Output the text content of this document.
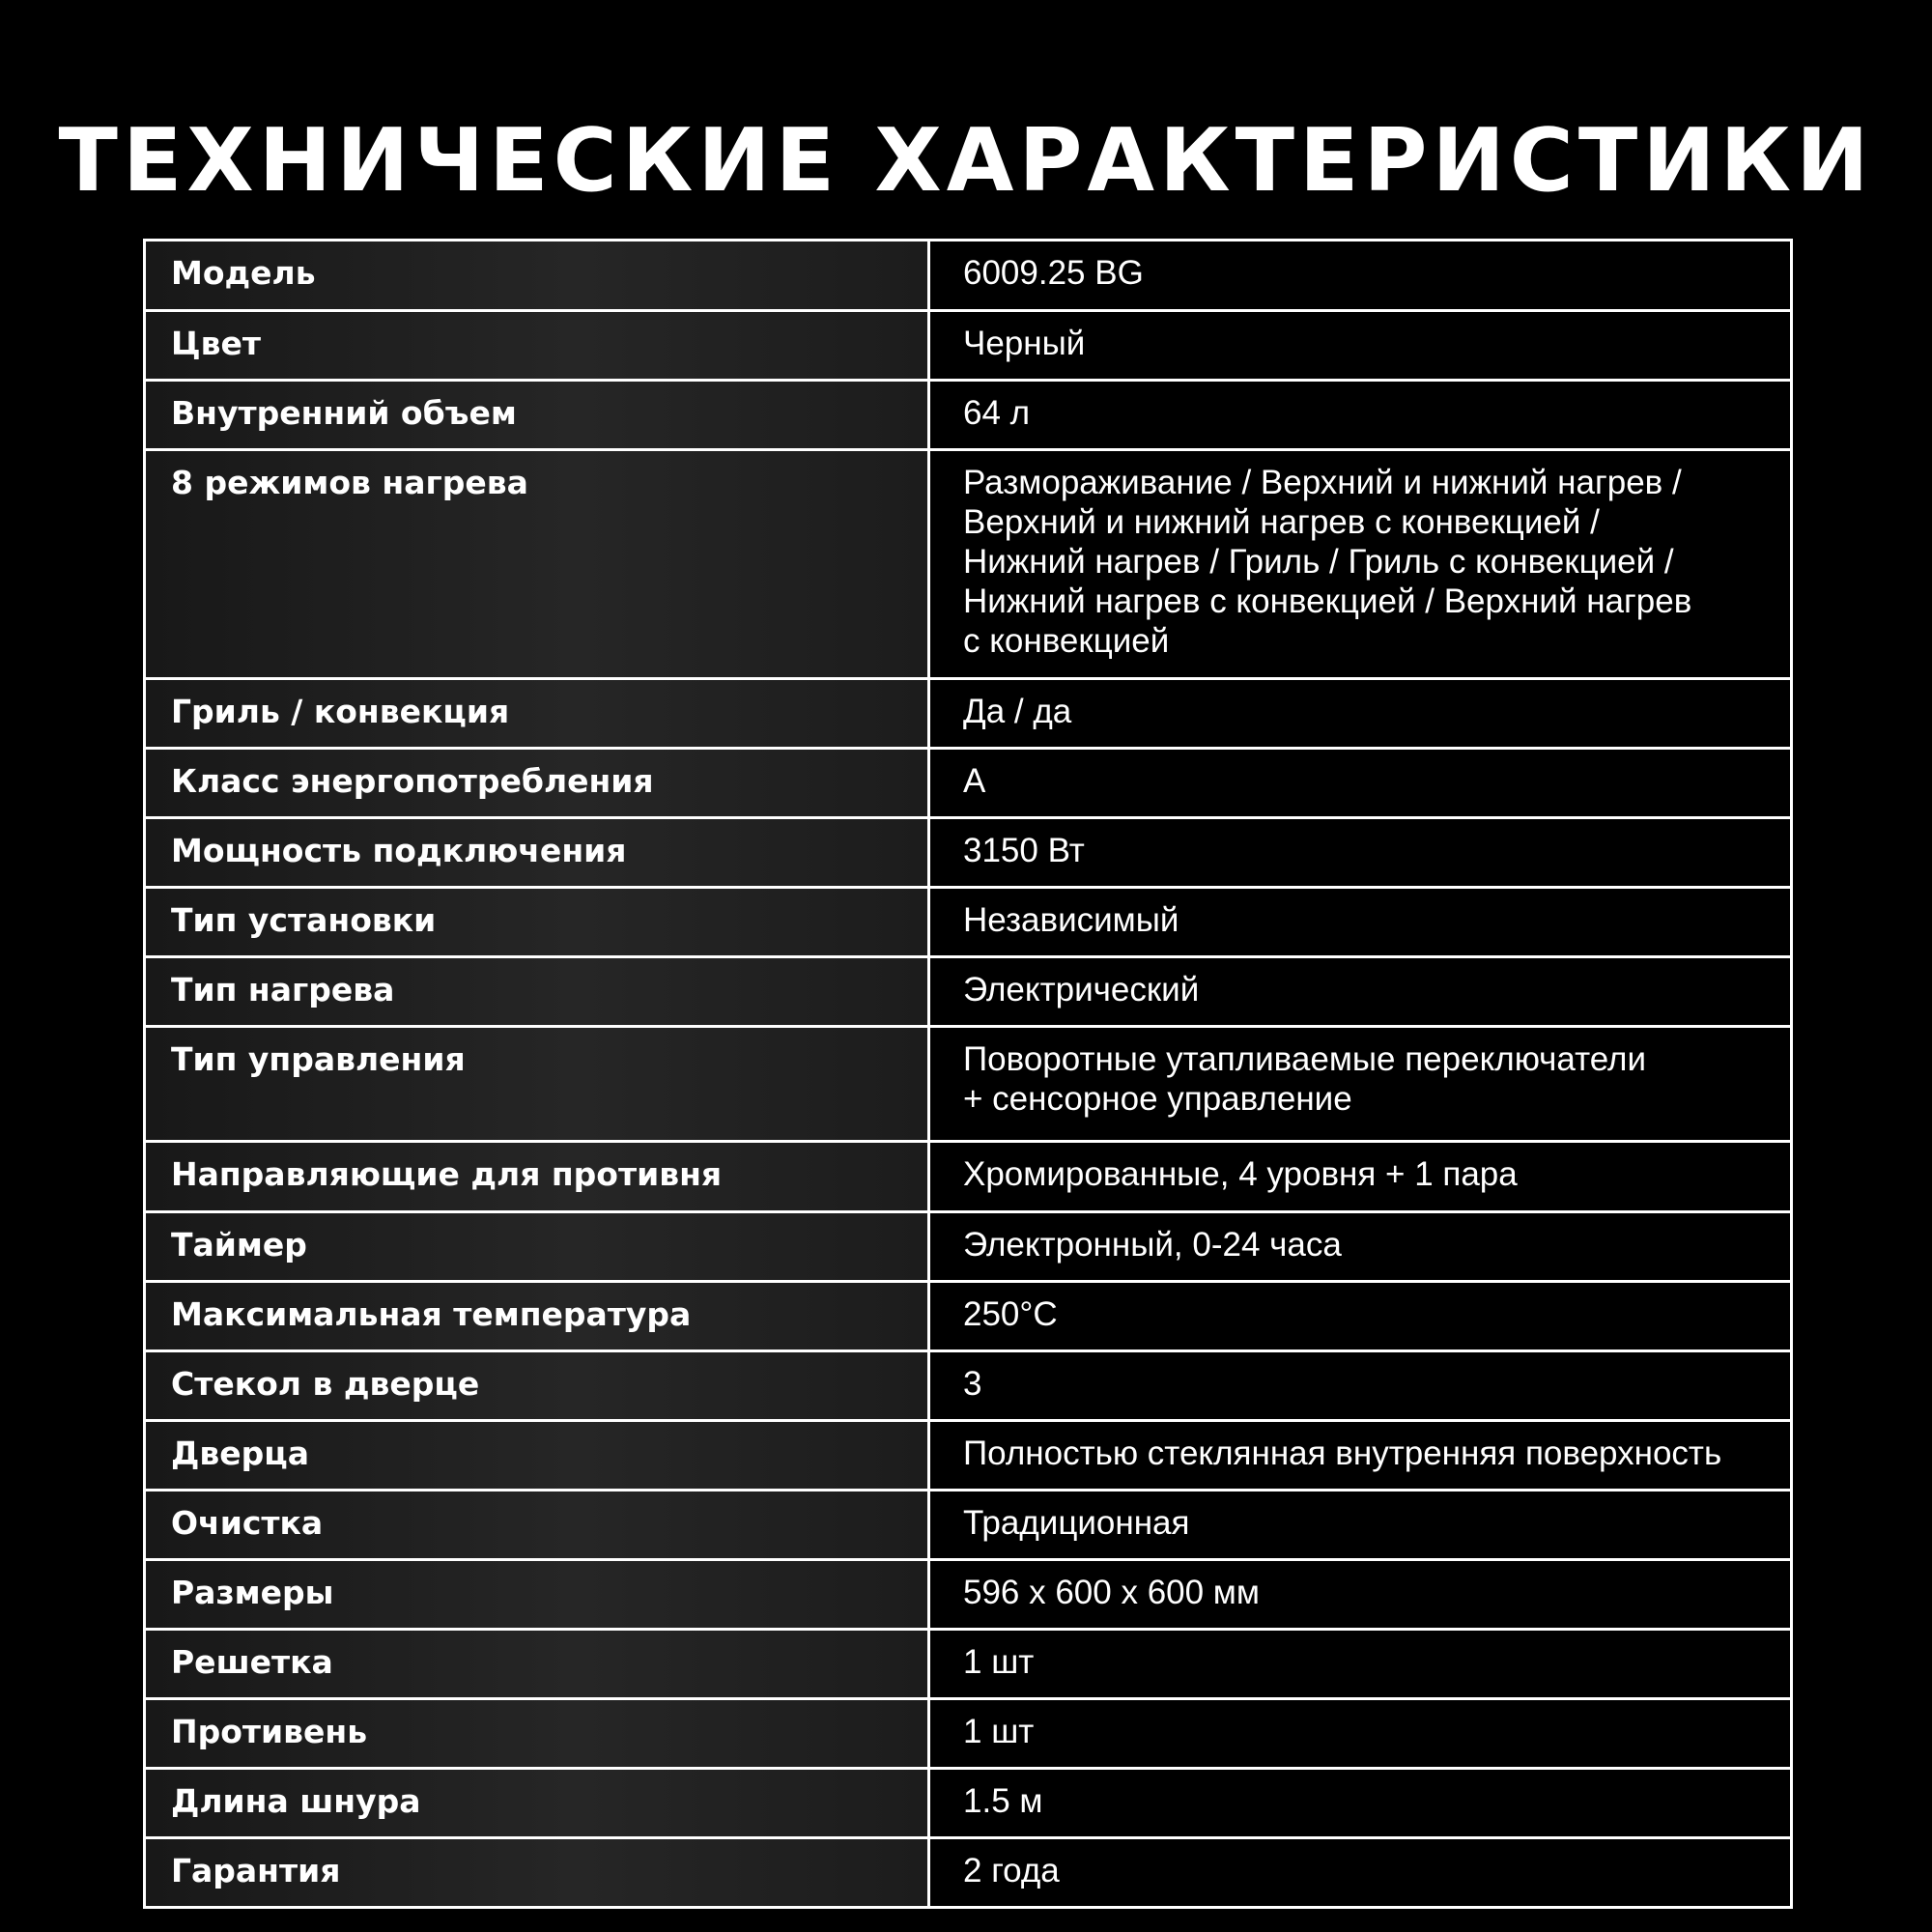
ТЕХНИЧЕСКИЕ ХАРАКТЕРИСТИКИ
Модель	6009.25 BG

Цвет	Черный

Внутренний объем	64 л

8 режимов нагрева	Размораживание / Верхний и нижний нагрев /
Верхний и нижний нагрев с конвекцией /
Нижний нагрев / Гриль / Гриль с конвекцией /
Нижний нагрев с конвекцией / Верхний нагрев
с конвекцией

Гриль / конвекция	Да / да

Класс энергопотребления	A

Мощность подключения	3150 Вт

Тип установки	Независимый

Тип нагрева	Электрический

Тип управления	Поворотные утапливаемые переключатели
+ сенсорное управление

Направляющие для противня	Хромированные, 4 уровня + 1 пара

Таймер	Электронный, 0-24 часа

Максимальная температура	250°C

Стекол в дверце	3

Дверца	Полностью стеклянная внутренняя поверхность

Очистка	Традиционная

Размеры	596 x 600 x 600 мм

Решетка	1 шт

Противень	1 шт

Длина шнура	1.5 м

Гарантия	2 года
